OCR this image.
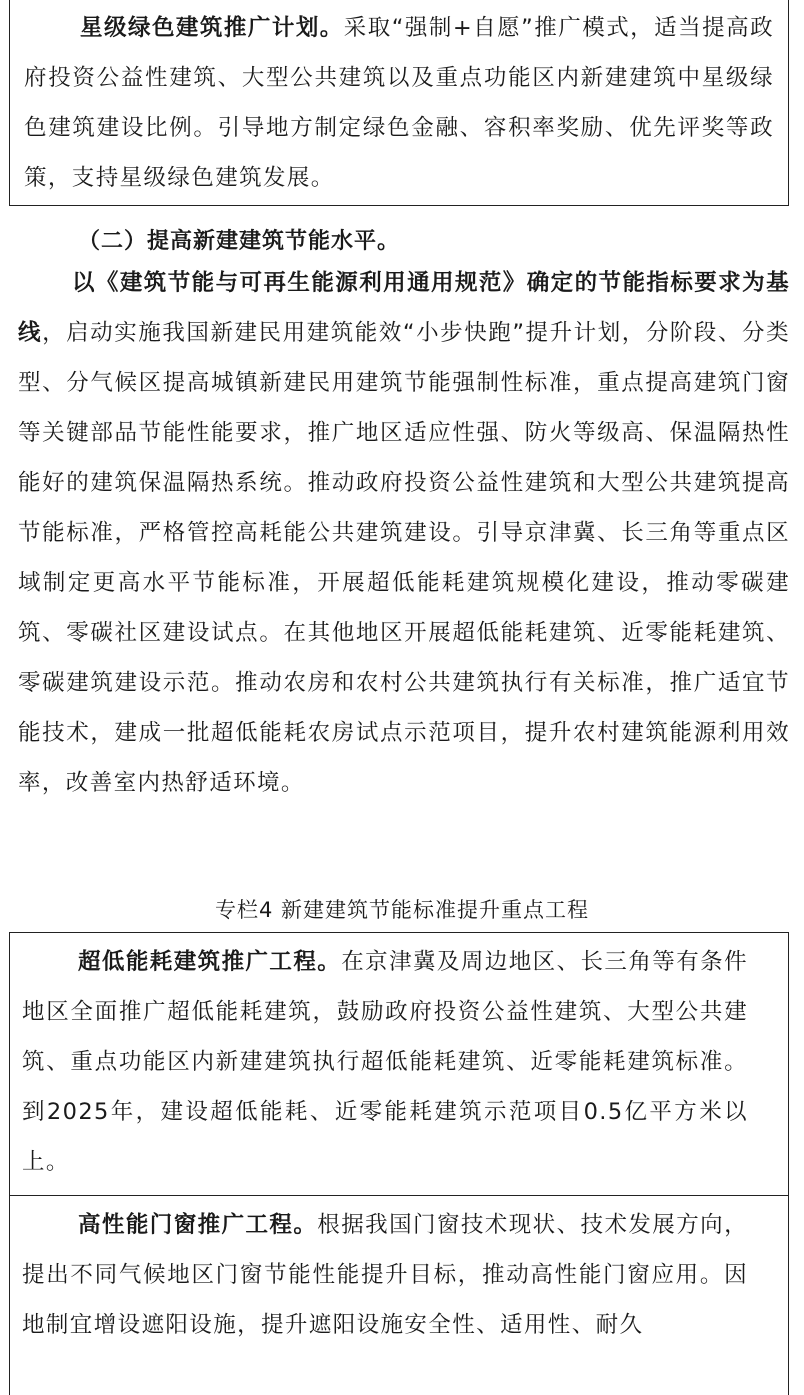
星级绿色建筑推广计划。采取“强制+自愿”推广模式，适当提高政府投资公益性建筑、大型公共建筑以及重点功能区内新建建筑中星级绿色建筑建设比例。引导地方制定绿色金融、容积率奖励、优先评奖等政策，支持星级绿色建筑发展。

（二）提高新建建筑节能水平。

以《建筑节能与可再生能源利用通用规范》确定的节能指标要求为基线，启动实施我国新建民用建筑能效“小步快跑”提升计划，分阶段、分类型、分气候区提高城镇新建民用建筑节能强制性标准，重点提高建筑门窗等关键部品节能性能要求，推广地区适应性强、防火等级高、保温隔热性能好的建筑保温隔热系统。推动政府投资公益性建筑和大型公共建筑提高节能标准，严格管控高耗能公共建筑建设。引导京津冀、长三角等重点区域制定更高水平节能标准，开展超低能耗建筑规模化建设，推动零碳建筑、零碳社区建设试点。在其他地区开展超低能耗建筑、近零能耗建筑、零碳建筑建设示范。推动农房和农村公共建筑执行有关标准，推广适宜节能技术，建成一批超低能耗农房试点示范项目，提升农村建筑能源利用效率，改善室内热舒适环境。

专栏4 新建建筑节能标准提升重点工程

超低能耗建筑推广工程。在京津冀及周边地区、长三角等有条件地区全面推广超低能耗建筑，鼓励政府投资公益性建筑、大型公共建筑、重点功能区内新建建筑执行超低能耗建筑、近零能耗建筑标准。到2025年，建设超低能耗、近零能耗建筑示范项目0.5亿平方米以上。

高性能门窗推广工程。根据我国门窗技术现状、技术发展方向，提出不同气候地区门窗节能性能提升目标，推动高性能门窗应用。因地制宜增设遮阳设施，提升遮阳设施安全性、适用性、耐久
